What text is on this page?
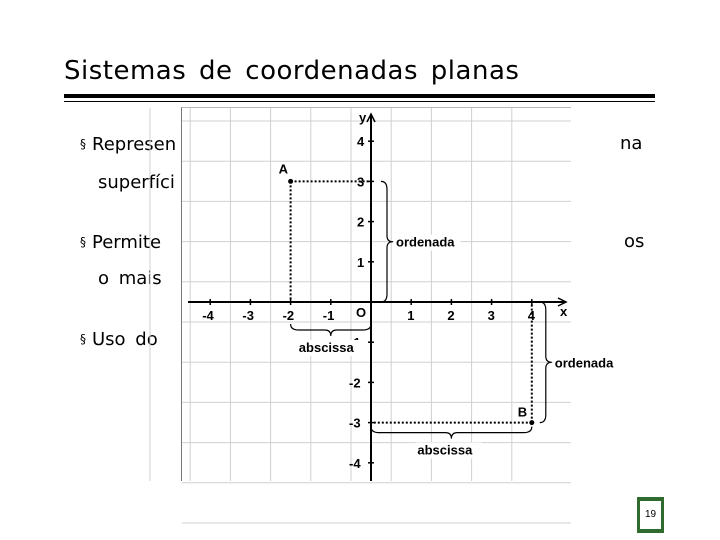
Sistemas de coordenadas planas
§ Represen	na
superfíci
§ Permite	os
o mais
§ Uso do
x
y
O
-4 -3 -2 -1	1	2	3	4
4
3
2
1
-2
-3
-4
A
B
ordenada
abscissa
ordenada
abscissa
19
